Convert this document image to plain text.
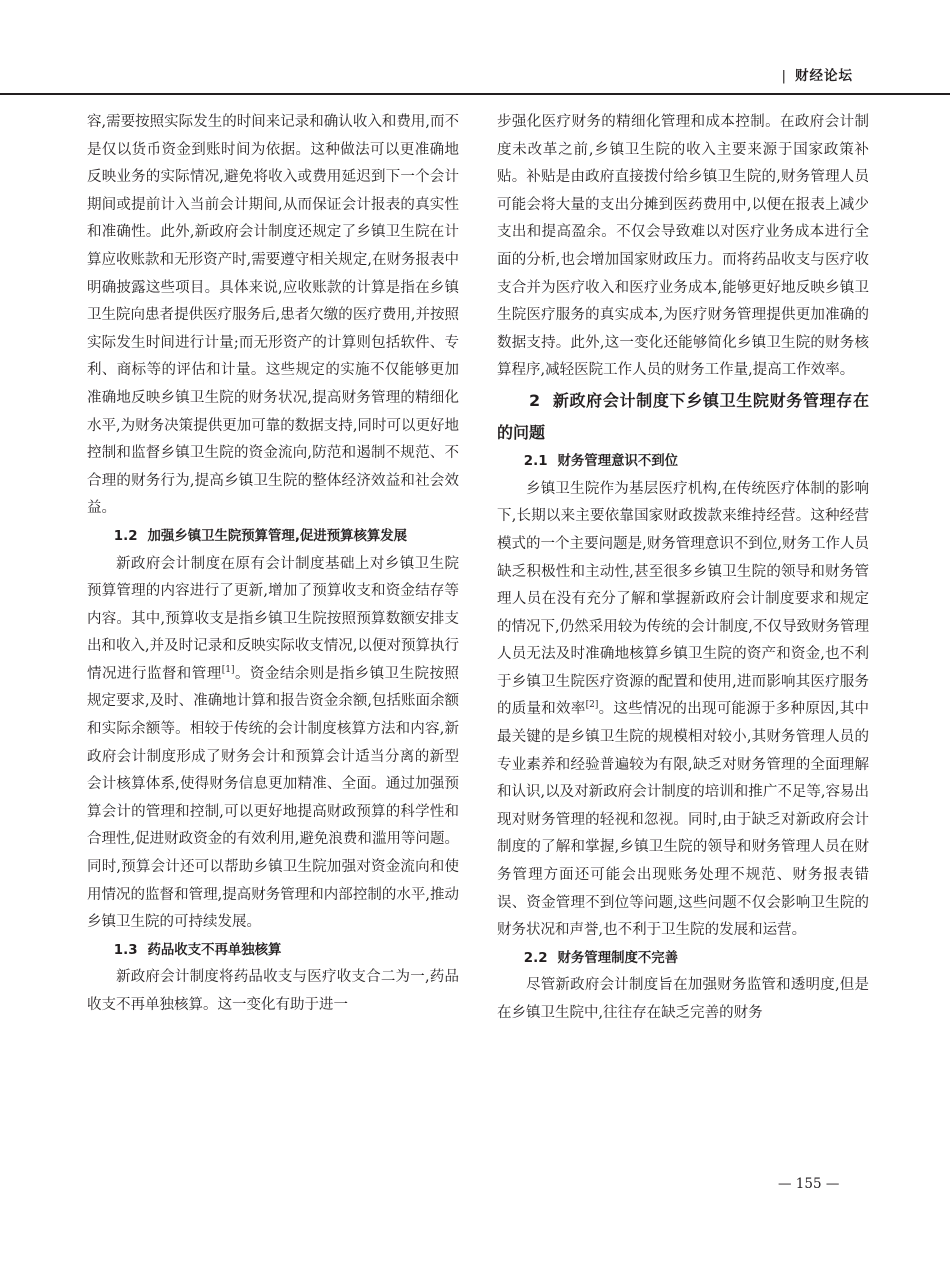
| 财经论坛

容,需要按照实际发生的时间来记录和确认收入和费用,而不是仅以货币资金到账时间为依据。这种做法可以更准确地反映业务的实际情况,避免将收入或费用延迟到下一个会计期间或提前计入当前会计期间,从而保证会计报表的真实性和准确性。此外,新政府会计制度还规定了乡镇卫生院在计算应收账款和无形资产时,需要遵守相关规定,在财务报表中明确披露这些项目。具体来说,应收账款的计算是指在乡镇卫生院向患者提供医疗服务后,患者欠缴的医疗费用,并按照实际发生时间进行计量;而无形资产的计算则包括软件、专利、商标等的评估和计量。这些规定的实施不仅能够更加准确地反映乡镇卫生院的财务状况,提高财务管理的精细化水平,为财务决策提供更加可靠的数据支持,同时可以更好地控制和监督乡镇卫生院的资金流向,防范和遏制不规范、不合理的财务行为,提高乡镇卫生院的整体经济效益和社会效益。

1.2 加强乡镇卫生院预算管理,促进预算核算发展

新政府会计制度在原有会计制度基础上对乡镇卫生院预算管理的内容进行了更新,增加了预算收支和资金结存等内容。其中,预算收支是指乡镇卫生院按照预算数额安排支出和收入,并及时记录和反映实际收支情况,以便对预算执行情况进行监督和管理[1]。资金结余则是指乡镇卫生院按照规定要求,及时、准确地计算和报告资金余额,包括账面余额和实际余额等。相较于传统的会计制度核算方法和内容,新政府会计制度形成了财务会计和预算会计适当分离的新型会计核算体系,使得财务信息更加精准、全面。通过加强预算会计的管理和控制,可以更好地提高财政预算的科学性和合理性,促进财政资金的有效利用,避免浪费和滥用等问题。同时,预算会计还可以帮助乡镇卫生院加强对资金流向和使用情况的监督和管理,提高财务管理和内部控制的水平,推动乡镇卫生院的可持续发展。

1.3 药品收支不再单独核算

新政府会计制度将药品收支与医疗收支合二为一,药品收支不再单独核算。这一变化有助于进一

步强化医疗财务的精细化管理和成本控制。在政府会计制度未改革之前,乡镇卫生院的收入主要来源于国家政策补贴。补贴是由政府直接拨付给乡镇卫生院的,财务管理人员可能会将大量的支出分摊到医药费用中,以便在报表上减少支出和提高盈余。不仅会导致难以对医疗业务成本进行全面的分析,也会增加国家财政压力。而将药品收支与医疗收支合并为医疗收入和医疗业务成本,能够更好地反映乡镇卫生院医疗服务的真实成本,为医疗财务管理提供更加准确的数据支持。此外,这一变化还能够简化乡镇卫生院的财务核算程序,减轻医院工作人员的财务工作量,提高工作效率。

2 新政府会计制度下乡镇卫生院财务管理存在的问题

2.1 财务管理意识不到位

乡镇卫生院作为基层医疗机构,在传统医疗体制的影响下,长期以来主要依靠国家财政拨款来维持经营。这种经营模式的一个主要问题是,财务管理意识不到位,财务工作人员缺乏积极性和主动性,甚至很多乡镇卫生院的领导和财务管理人员在没有充分了解和掌握新政府会计制度要求和规定的情况下,仍然采用较为传统的会计制度,不仅导致财务管理人员无法及时准确地核算乡镇卫生院的资产和资金,也不利于乡镇卫生院医疗资源的配置和使用,进而影响其医疗服务的质量和效率[2]。这些情况的出现可能源于多种原因,其中最关键的是乡镇卫生院的规模相对较小,其财务管理人员的专业素养和经验普遍较为有限,缺乏对财务管理的全面理解和认识,以及对新政府会计制度的培训和推广不足等,容易出现对财务管理的轻视和忽视。同时,由于缺乏对新政府会计制度的了解和掌握,乡镇卫生院的领导和财务管理人员在财务管理方面还可能会出现账务处理不规范、财务报表错误、资金管理不到位等问题,这些问题不仅会影响卫生院的财务状况和声誉,也不利于卫生院的发展和运营。

2.2 财务管理制度不完善

尽管新政府会计制度旨在加强财务监管和透明度,但是在乡镇卫生院中,往往存在缺乏完善的财务

— 155 —
